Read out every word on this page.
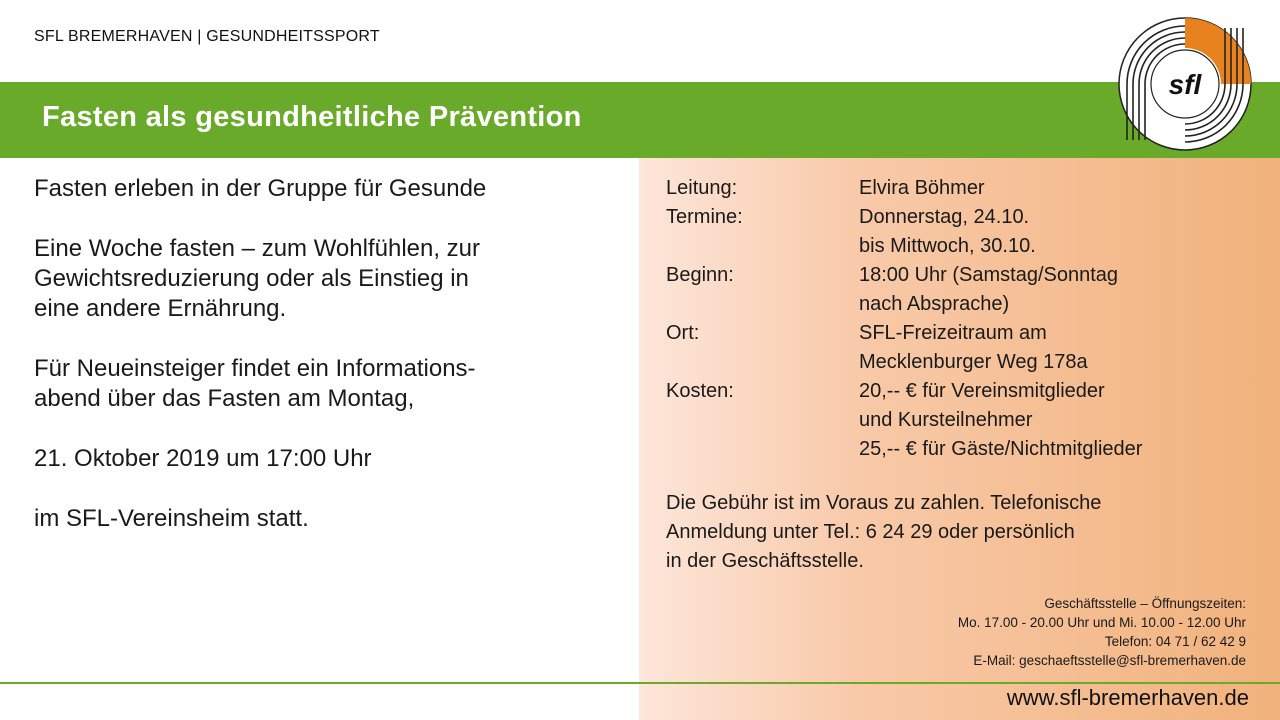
SFL BREMERHAVEN | GESUNDHEITSSPORT
Fasten als gesundheitliche Prävention
sfl

Fasten erleben in der Gruppe für Gesunde

Eine Woche fasten – zum Wohlfühlen, zur
Gewichtsreduzierung oder als Einstieg in
eine andere Ernährung.

Für Neueinsteiger findet ein Informations-
abend über das Fasten am Montag,

21. Oktober 2019 um 17:00 Uhr

im SFL-Vereinsheim statt.

Leitung:	Elvira Böhmer
Termine:	Donnerstag, 24.10.
bis Mittwoch, 30.10.
Beginn:	18:00 Uhr (Samstag/Sonntag
nach Absprache)
Ort:	SFL-Freizeitraum am
Mecklenburger Weg 178a
Kosten:	20,-- € für Vereinsmitglieder
und Kursteilnehmer
25,-- € für Gäste/Nichtmitglieder
Die Gebühr ist im Voraus zu zahlen. Telefonische
Anmeldung unter Tel.: 6 24 29 oder persönlich
in der Geschäftsstelle.
Geschäftsstelle – Öffnungszeiten:
Mo. 17.00 - 20.00 Uhr und Mi. 10.00 - 12.00 Uhr
Telefon: 04 71 / 62 42 9
E-Mail: geschaeftsstelle@sfl-bremerhaven.de
www.sfl-bremerhaven.de
